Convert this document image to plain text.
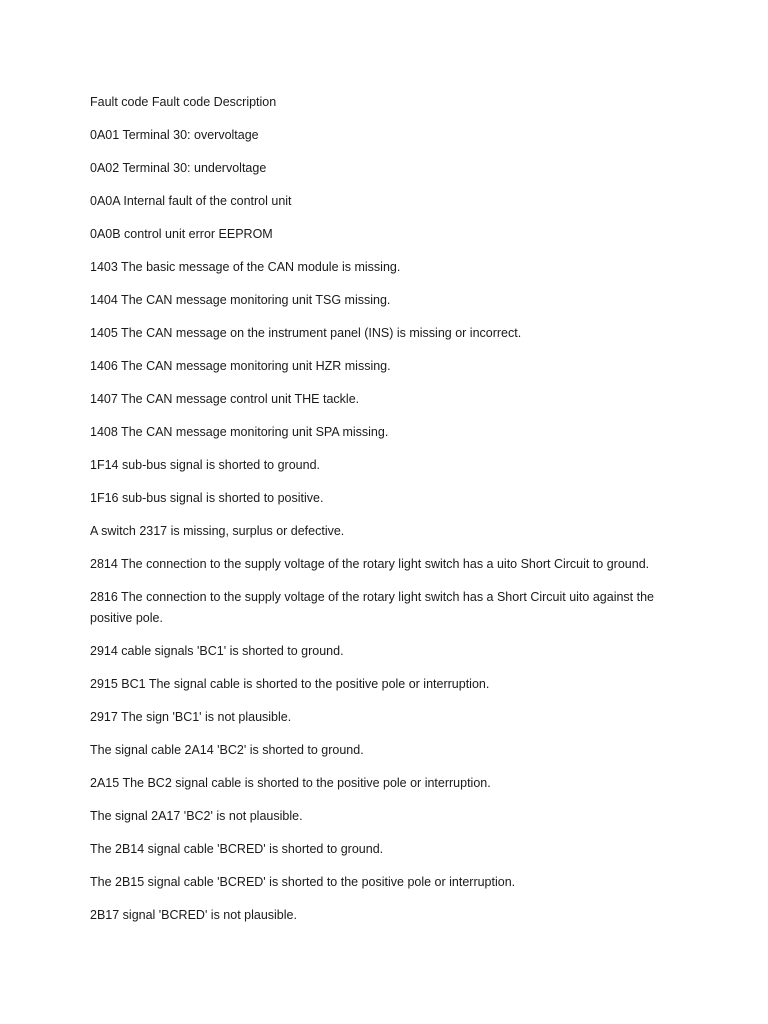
Fault code Fault code Description

0A01 Terminal 30: overvoltage

0A02 Terminal 30: undervoltage

0A0A Internal fault of the control unit

0A0B control unit error EEPROM

1403 The basic message of the CAN module is missing.

1404 The CAN message monitoring unit TSG missing.

1405 The CAN message on the instrument panel (INS) is missing or incorrect.

1406 The CAN message monitoring unit HZR missing.

1407 The CAN message control unit THE tackle.

1408 The CAN message monitoring unit SPA missing.

1F14 sub-bus signal is shorted to ground.

1F16 sub-bus signal is shorted to positive.

A switch 2317 is missing, surplus or defective.

2814 The connection to the supply voltage of the rotary light switch has a uito Short Circuit to ground.

2816 The connection to the supply voltage of the rotary light switch has a Short Circuit uito against the positive pole.

2914 cable signals 'BC1' is shorted to ground.

2915 BC1 The signal cable is shorted to the positive pole or interruption.

2917 The sign 'BC1' is not plausible.

The signal cable 2A14 'BC2' is shorted to ground.

2A15 The BC2 signal cable is shorted to the positive pole or interruption.

The signal 2A17 'BC2' is not plausible.

The 2B14 signal cable 'BCRED' is shorted to ground.

The 2B15 signal cable 'BCRED' is shorted to the positive pole or interruption.

2B17 signal 'BCRED' is not plausible.
